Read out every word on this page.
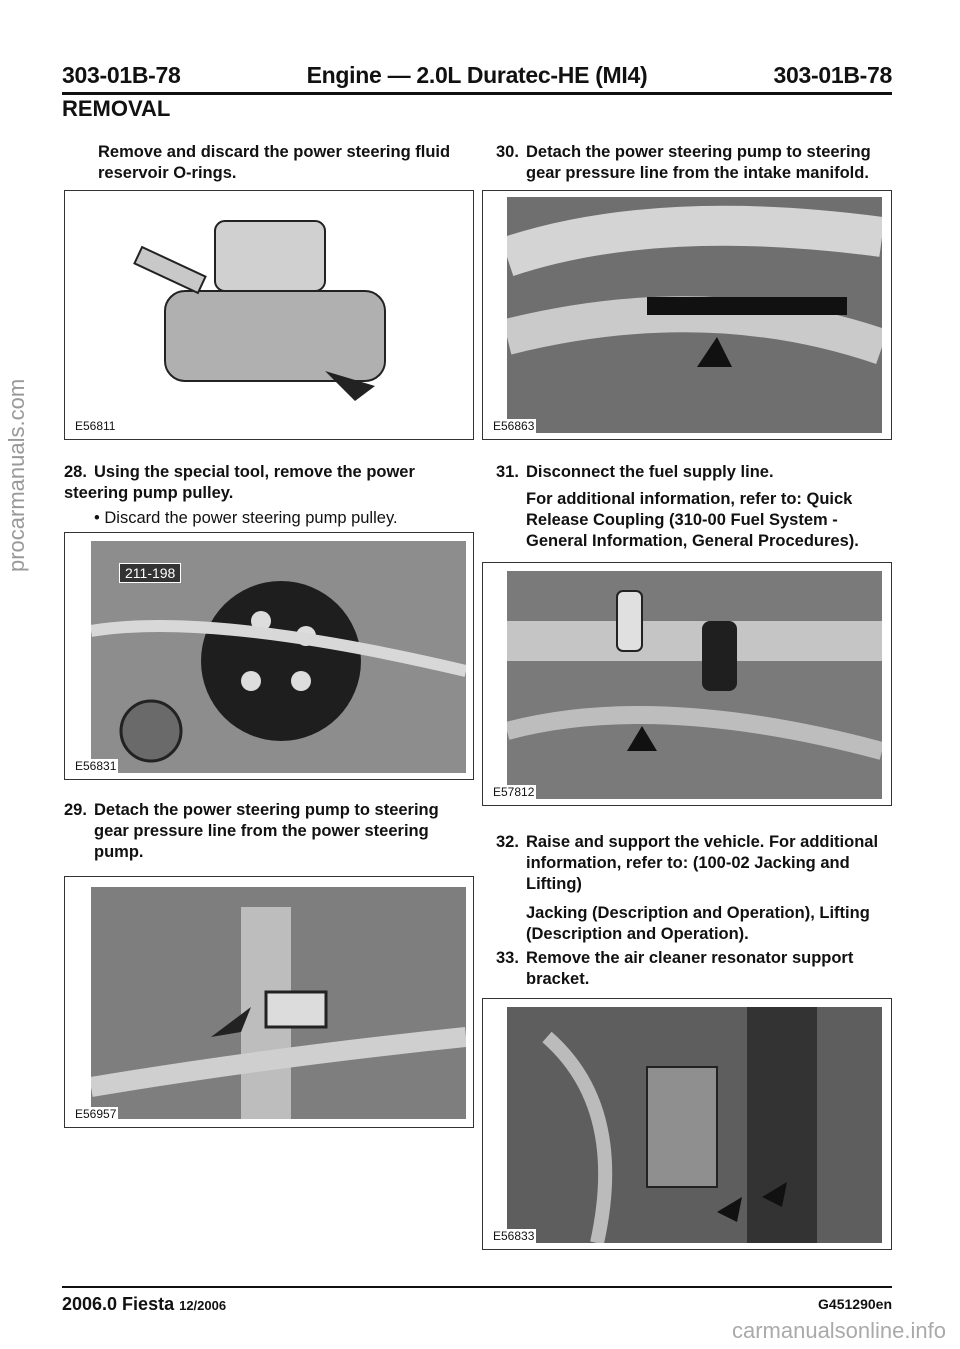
303-01B-78	Engine — 2.0L Duratec-HE (MI4)	303-01B-78
REMOVAL
Remove and discard the power steering fluid reservoir O-rings.
E56811
28. Using the special tool, remove the power steering pump pulley.
• Discard the power steering pump pulley.
211-198
E56831
29. Detach the power steering pump to steering gear pressure line from the power steering pump.
E56957
30. Detach the power steering pump to steering gear pressure line from the intake manifold.
E56863
31. Disconnect the fuel supply line.
For additional information, refer to: Quick Release Coupling (310-00 Fuel System - General Information, General Procedures).
E57812
32. Raise and support the vehicle. For additional information, refer to: (100-02 Jacking and Lifting)
Jacking (Description and Operation), Lifting (Description and Operation).
33. Remove the air cleaner resonator support bracket.
E56833
procarmanuals.com
2006.0 Fiesta 12/2006	G451290en
carmanualsonline.info
